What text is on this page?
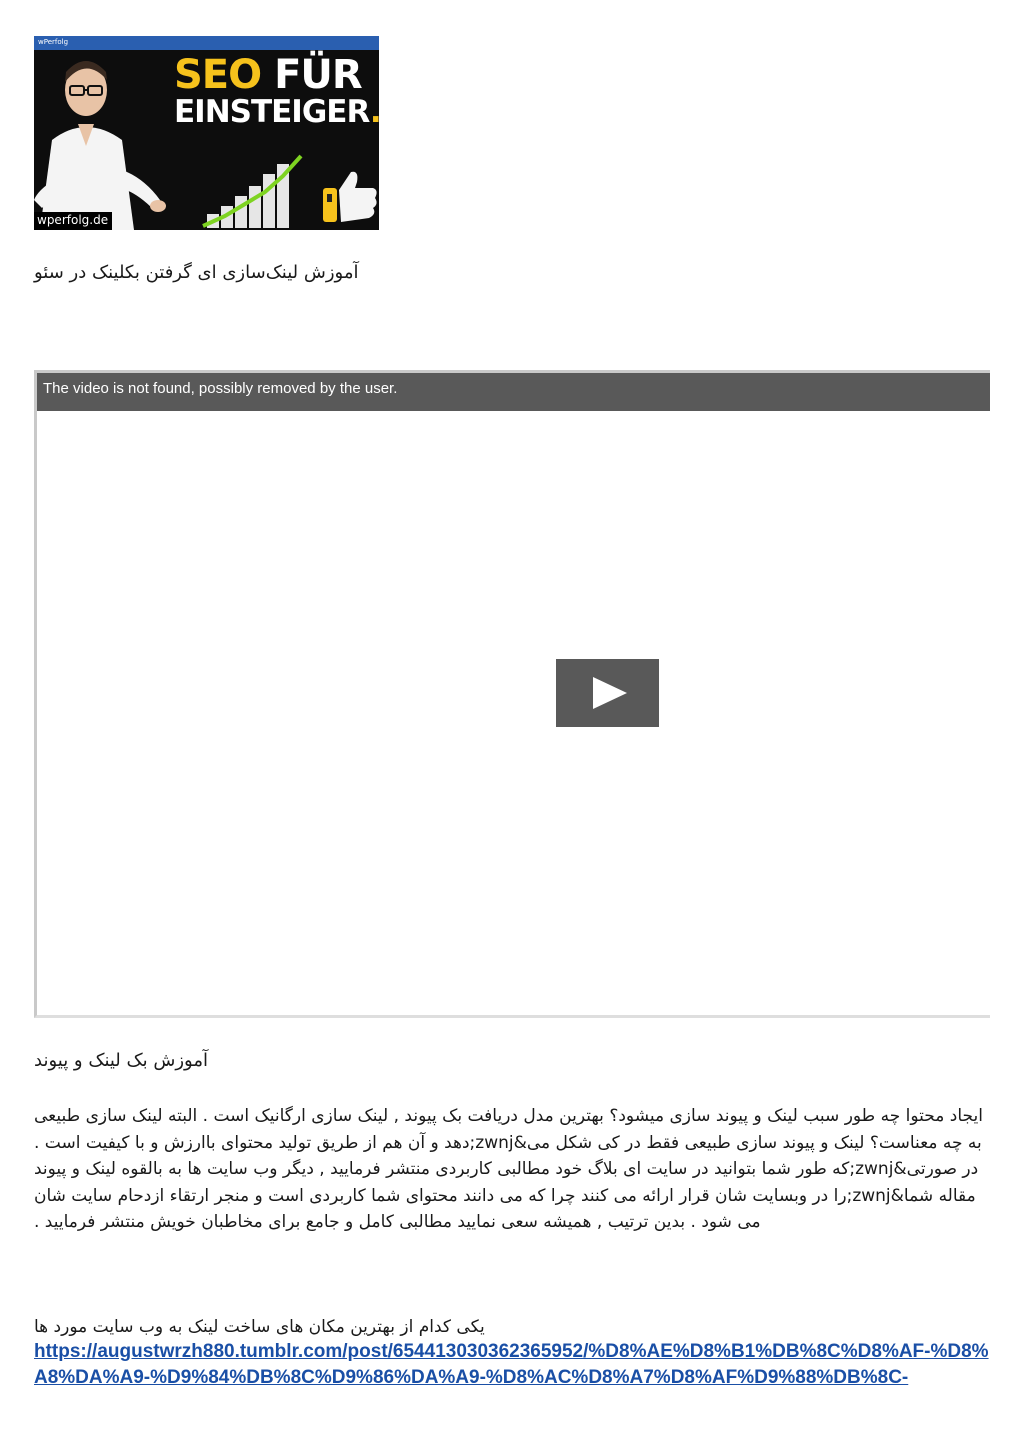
wPerfolg
SEO FÜR
EINSTEIGER.
wperfolg.de
آموزش لینک‌سازی ای گرفتن بکلینک در سئو
The video is not found, possibly removed by the user.
آموزش بک لینک و پیوند
ایجاد محتوا چه طور سبب لینک و پیوند سازی میشود؟ بهترین مدل دریافت بک پیوند , لینک سازی ارگانیک است . البته لینک سازی طبیعی به چه معناست؟ لینک و پیوند سازی طبیعی فقط در کی شکل می&zwnj;دهد و آن هم از طریق تولید محتوای باارزش و با کیفیت است . در صورتی&zwnj;که طور شما بتوانید در سایت ای بلاگ خود مطالبی کاربردی منتشر فرمایید , دیگر وب سایت ها به بالقوه لینک و پیوند مقاله شما&zwnj;را در وبسایت شان قرار ارائه می کنند چرا که می دانند محتوای شما کاربردی است و منجر ارتقاء ازدحام سایت شان می شود . بدین ترتیب , همیشه سعی نمایید مطالبی کامل و جامع برای مخاطبان خویش منتشر فرمایید .
یکی کدام از بهترین مکان های ساخت لینک به وب سایت مورد ها
https://augustwrzh880.tumblr.com/post/654413030362365952/%D8%AE%D8%B1%DB%8C%D8%AF-%D8%A8%DA%A9-%D9%84%DB%8C%D9%86%DA%A9-%D8%AC%D8%A7%D8%AF%D9%88%DB%8C-
